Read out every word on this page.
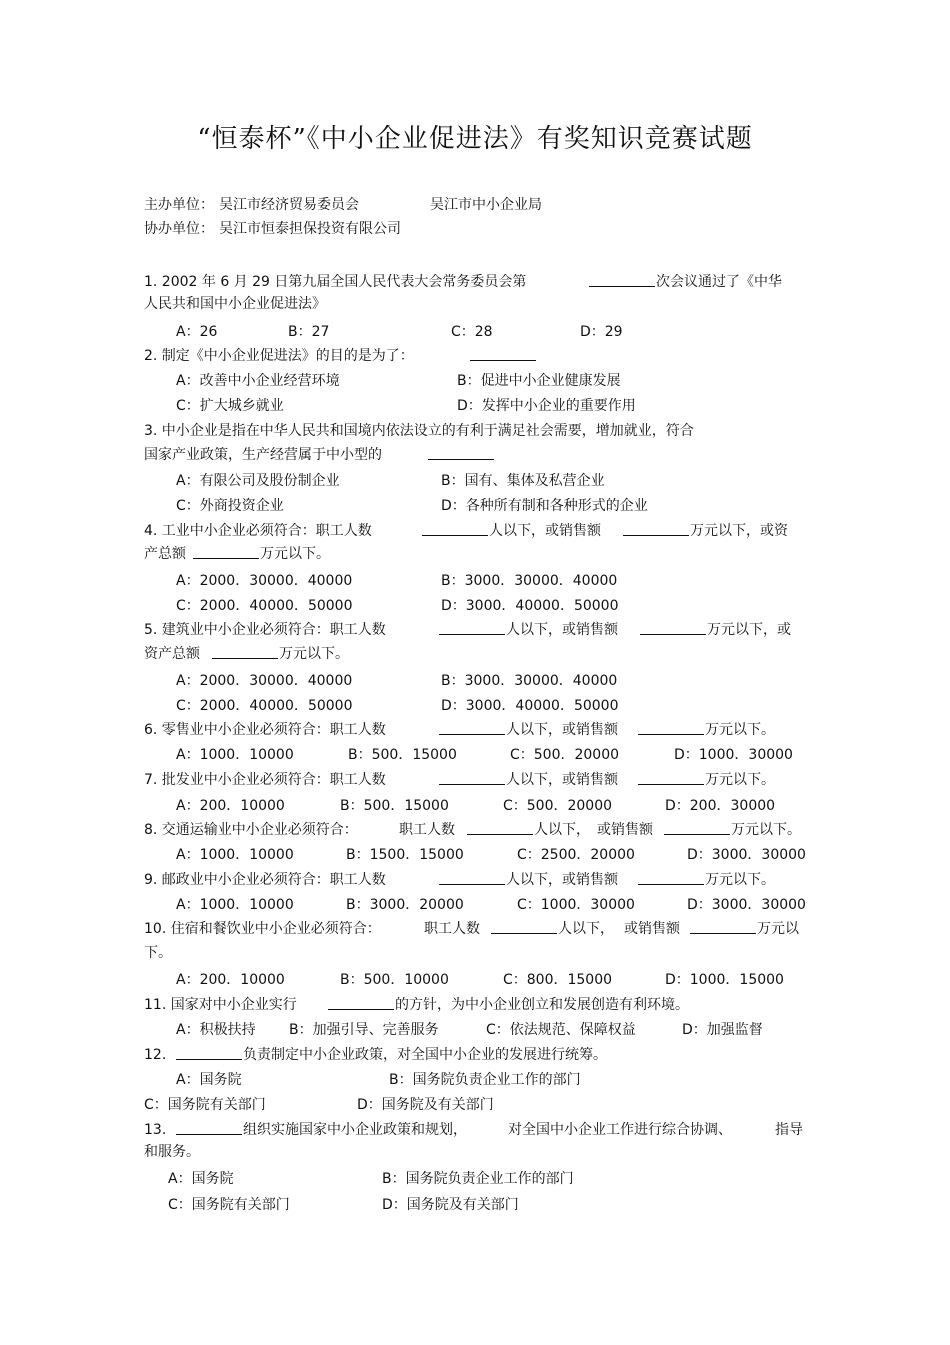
“恒泰杯”《中小企业促进法》有奖知识竞赛试题
主办单位： 吴江市经济贸易委员会	吴江市中小企业局
协办单位： 吴江市恒泰担保投资有限公司
1. 2002 年 6 月 29 日第九届全国人民代表大会常务委员会第	次会议通过了《中华
人民共和国中小企业促进法》
A：26	B：27	C：28	D：29
2. 制定《中小企业促进法》的目的是为了：
A：改善中小企业经营环境	B：促进中小企业健康发展
C：扩大城乡就业	D：发挥中小企业的重要作用
3. 中小企业是指在中华人民共和国境内依法设立的有利于满足社会需要，增加就业，符合
国家产业政策，生产经营属于中小型的
A：有限公司及股份制企业	B：国有、集体及私营企业
C：外商投资企业	D：各种所有制和各种形式的企业
4. 工业中小企业必须符合：职工人数	人以下，或销售额	万元以下，或资
产总额	万元以下。
A：2000．30000．40000	B：3000．30000．40000
C：2000．40000．50000	D：3000．40000．50000
5. 建筑业中小企业必须符合：职工人数	人以下，或销售额	万元以下，或
资产总额	万元以下。
A：2000．30000．40000	B：3000．30000．40000
C：2000．40000．50000	D：3000．40000．50000
6. 零售业中小企业必须符合：职工人数	人以下，或销售额	万元以下。
A：1000．10000	B：500．15000	C：500．20000	D：1000．30000
7. 批发业中小企业必须符合：职工人数	人以下，或销售额	万元以下。
A：200．10000	B：500．15000	C：500．20000	D：200．30000
8. 交通运输业中小企业必须符合：	职工人数	人以下， 或销售额	万元以下。
A：1000．10000	B：1500．15000	C：2500．20000	D：3000．30000
9. 邮政业中小企业必须符合：职工人数	人以下，或销售额	万元以下。
A：1000．10000	B：3000．20000	C：1000．30000	D：3000．30000
10. 住宿和餐饮业中小企业必须符合：	职工人数	人以下， 或销售额	万元以
下。
A：200．10000	B：500．10000	C：800．15000	D：1000．15000
11. 国家对中小企业实行	的方针，为中小企业创立和发展创造有利环境。
A：积极扶持 B：加强引导、完善服务	C：依法规范、保障权益	D：加强监督
12.	负责制定中小企业政策，对全国中小企业的发展进行统筹。
A：国务院	B：国务院负责企业工作的部门
C：国务院有关部门	D：国务院及有关部门
13.	组织实施国家中小企业政策和规划，	对全国中小企业工作进行综合协调、	指导
和服务。
A：国务院	B：国务院负责企业工作的部门
C：国务院有关部门	D：国务院及有关部门
